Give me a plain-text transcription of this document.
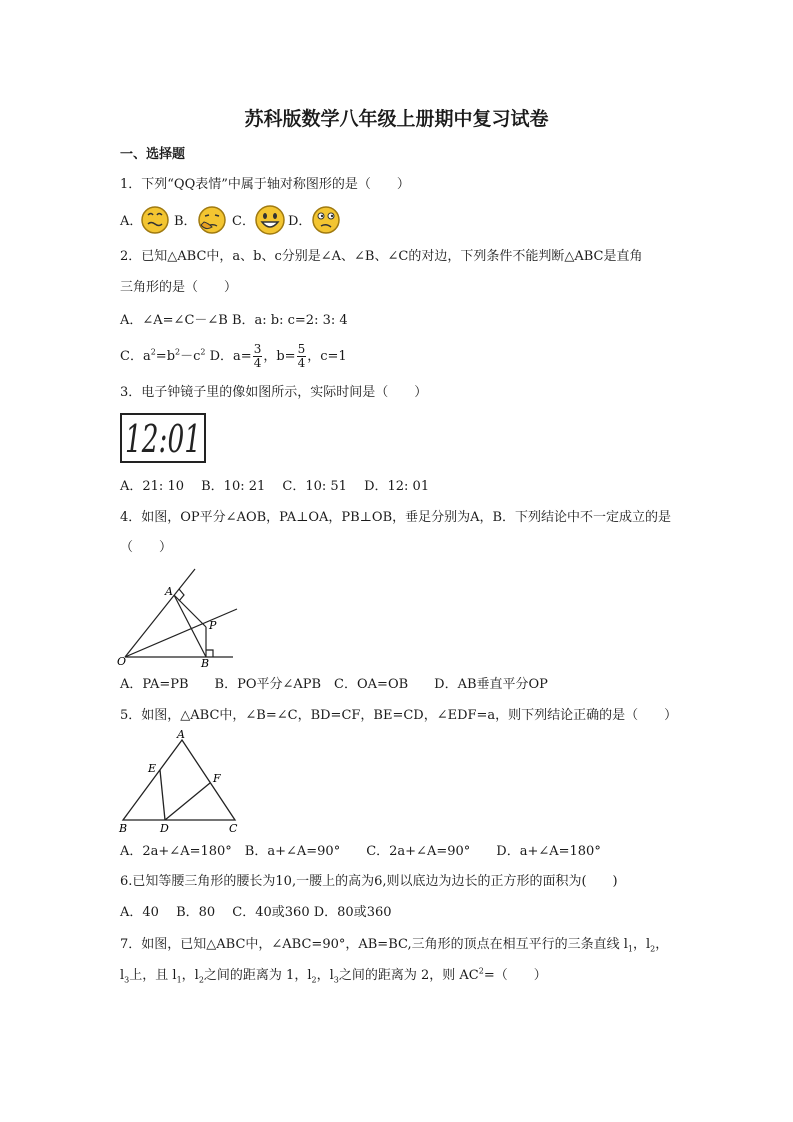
苏科版数学八年级上册期中复习试卷
一、选择题
1．下列“QQ表情”中属于轴对称图形的是（　　）
A． B．	C．	D．
2．已知△ABC中，a、b、c分别是∠A、∠B、∠C的对边，下列条件不能判断△ABC是直角
三角形的是（　　）
A．∠A=∠C－∠B B．a: b: c=2: 3: 4
C．$a^2=b^2-c^2$ D．$a= \frac{3}{4}$ ，$b= \frac{5}{4}$ ，c=1
3．电子钟镜子里的像如图所示，实际时间是（　　）
12:01
A．21: 10　 B．10: 21　 C．10: 51　 D．12: 01
4．如图，OP平分∠AOB，PA⊥OA，PB⊥OB，垂足分别为A，B．下列结论中不一定成立的是
（　　）
A
P
O	B
A．PA=PB　　B．PO平分∠APB　C．OA=OB　　D．AB垂直平分OP
5．如图，△ABC中，∠B=∠C，BD=CF，BE=CD，∠EDF=a，则下列结论正确的是（　　）
A
E
F
B	D	C
A．2a+∠A=180°　B．a+∠A=90°　　C．2a+∠A=90°　　D．a+∠A=180°
6.已知等腰三角形的腰长为10,一腰上的高为6,则以底边为边长的正方形的面积为(　　)
A．40　 B．80　 C．40或360 D．80或360
7．如图，已知△ABC中，∠ABC=90°，AB=BC,三角形的顶点在相互平行的三条直线 $l_1$，$l_2$，
$l_3$上，且 $l_1$，$l_2$之间的距离为 1，$l_2$，$l_3$之间的距离为 2，则 $AC^2=$（　　）
